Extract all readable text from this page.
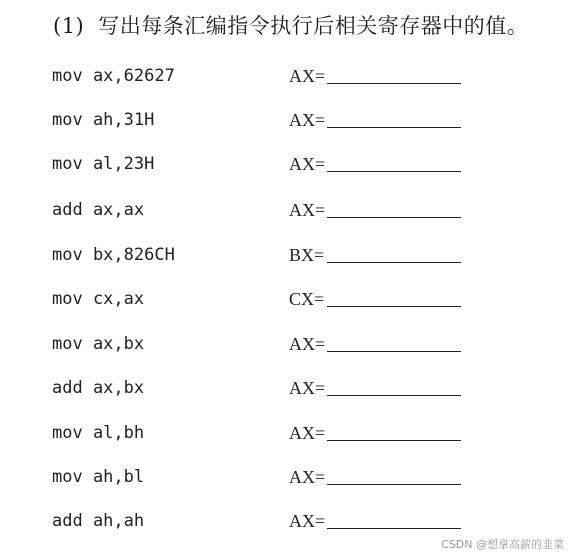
(1) 写出每条汇编指令执行后相关寄存器中的值。
mov ax,62627	AX=
mov ah,31H	AX=
mov al,23H	AX=
add ax,ax	AX=
mov bx,826CH	BX=
mov cx,ax	CX=
mov ax,bx	AX=
add ax,bx	AX=
mov al,bh	AX=
mov ah,bl	AX=
add ah,ah	AX=
CSDN @想拿高薪的韭菜
